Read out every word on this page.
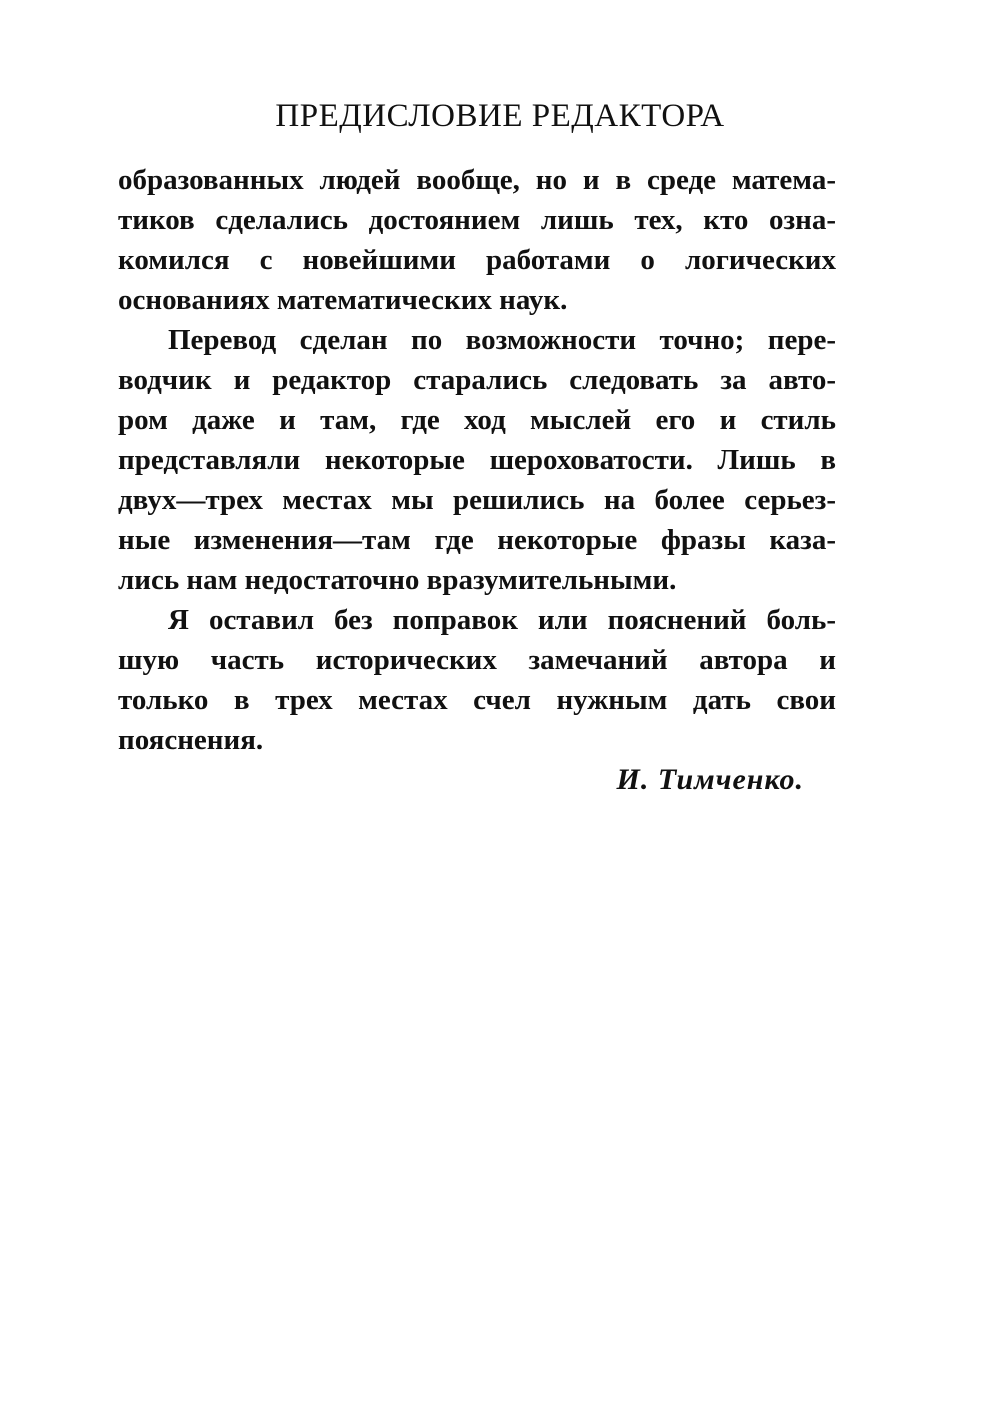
ПРЕДИСЛОВИЕ РЕДАКТОРА
образованных людей вообще, но и в среде матема-
тиков сделались достоянием лишь тех, кто озна-
комился с новейшими работами о логических
основаниях математических наук.
Перевод сделан по возможности точно; пере-
водчик и редактор старались следовать за авто-
ром даже и там, где ход мыслей его и стиль
представляли некоторые шероховатости. Лишь в
двух—трех местах мы решились на более серьез-
ные изменения—там где некоторые фразы каза-
лись нам недостаточно вразумительными.
Я оставил без поправок или пояснений боль-
шую часть исторических замечаний автора и
только в трех местах счел нужным дать свои
пояснения.
И. Тимченко.
